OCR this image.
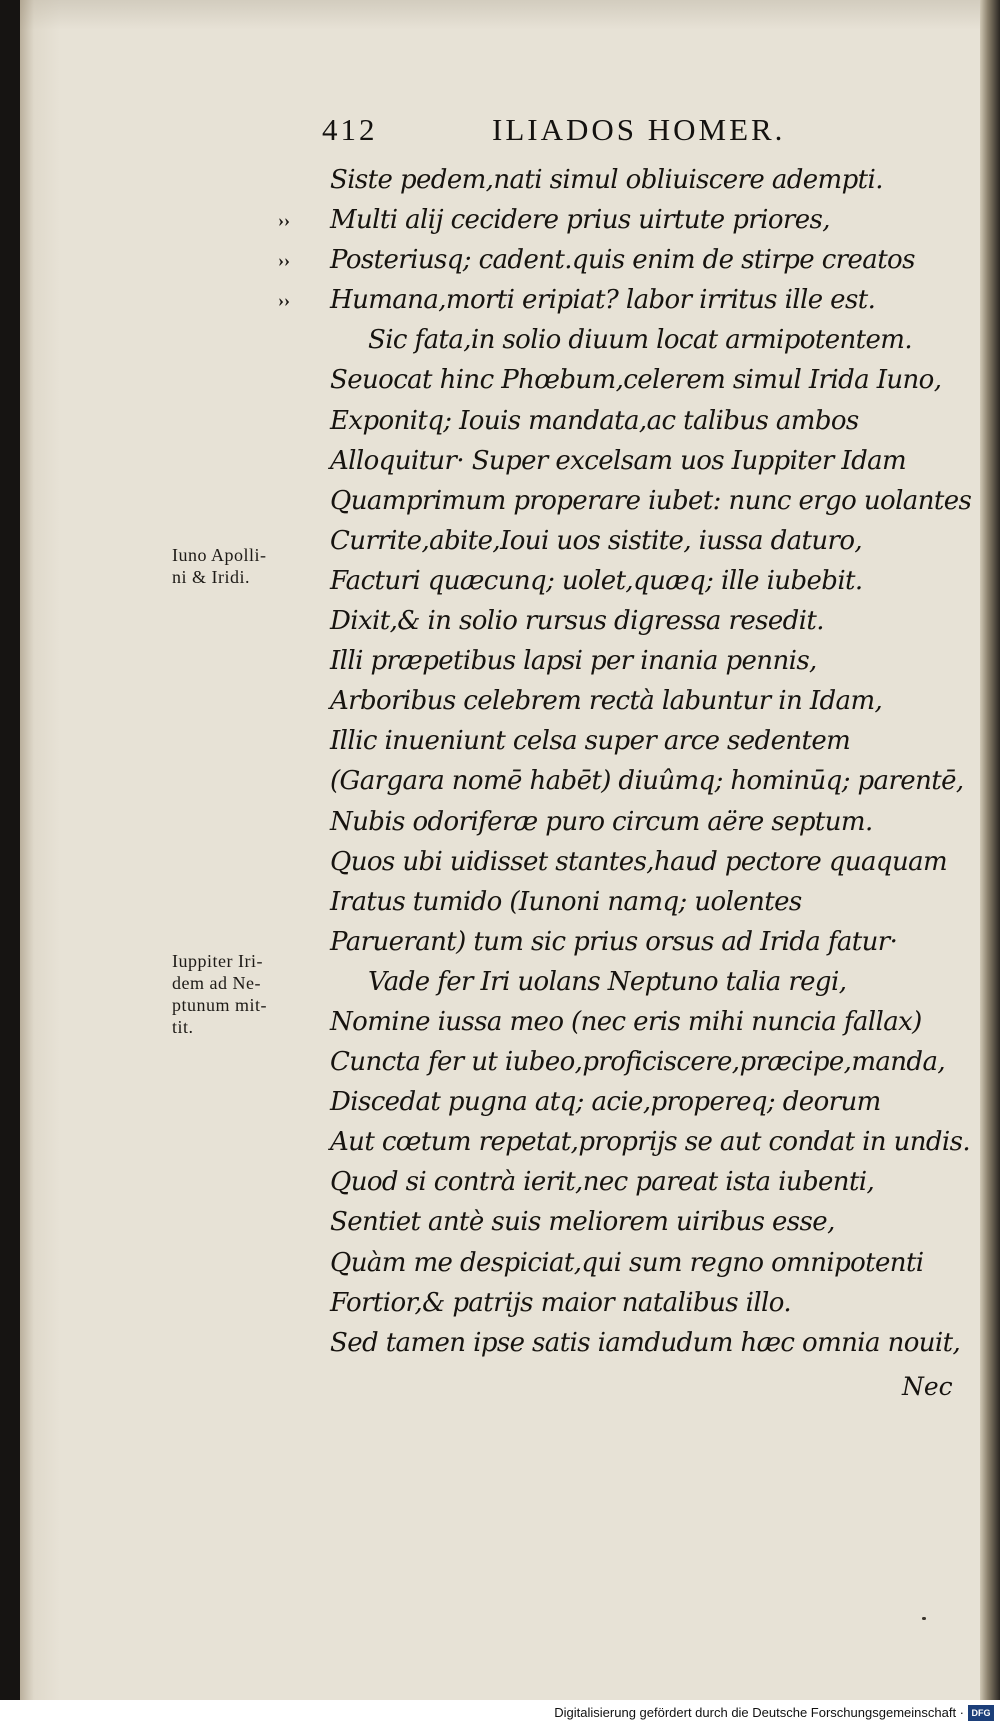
412	ILIADOS HOMER.
››
››
››
Siste pedem,nati simul obliuiscere adempti.
Multi alij cecidere prius uirtute priores,
Posteriusq; cadent.quis enim de stirpe creatos
Humana,morti eripiat? labor irritus ille est.
Sic fata,in solio diuum locat armipotentem.
Seuocat hinc Phœbum,celerem simul Irida Iuno,
Exponitq; Iouis mandata,ac talibus ambos
Alloquitur· Super excelsam uos Iuppiter Idam
Quamprimum properare iubet: nunc ergo uolantes
Currite,abite,Ioui uos sistite, iussa daturo,
Facturi quæcunq; uolet,quæq; ille iubebit.
Dixit,& in solio rursus digressa resedit.
Illi præpetibus lapsi per inania pennis,
Arboribus celebrem rectà labuntur in Idam,
Illic inueniunt celsa super arce sedentem
(Gargara nomē habēt) diuûmq; hominūq; parentē,
Nubis odoriferæ puro circum aëre septum.
Quos ubi uidisset stantes,haud pectore quaquam
Iratus tumido (Iunoni namq; uolentes
Paruerant) tum sic prius orsus ad Irida fatur·
Vade fer Iri uolans Neptuno talia regi,
Nomine iussa meo (nec eris mihi nuncia fallax)
Cuncta fer ut iubeo,proficiscere,præcipe,manda,
Discedat pugna atq; acie,propereq; deorum
Aut cœtum repetat,proprijs se aut condat in undis.
Quod si contrà ierit,nec pareat ista iubenti,
Sentiet antè suis meliorem uiribus esse,
Quàm me despiciat,qui sum regno omnipotenti
Fortior,& patrijs maior natalibus illo.
Sed tamen ipse satis iamdudum hæc omnia nouit,
Iuno Apolli-
ni & Iridi.
Iuppiter Iri-
dem ad Ne-
ptunum mit-
tit.
Nec
Digitalisierung gefördert durch die Deutsche Forschungsgemeinschaft · DFG
